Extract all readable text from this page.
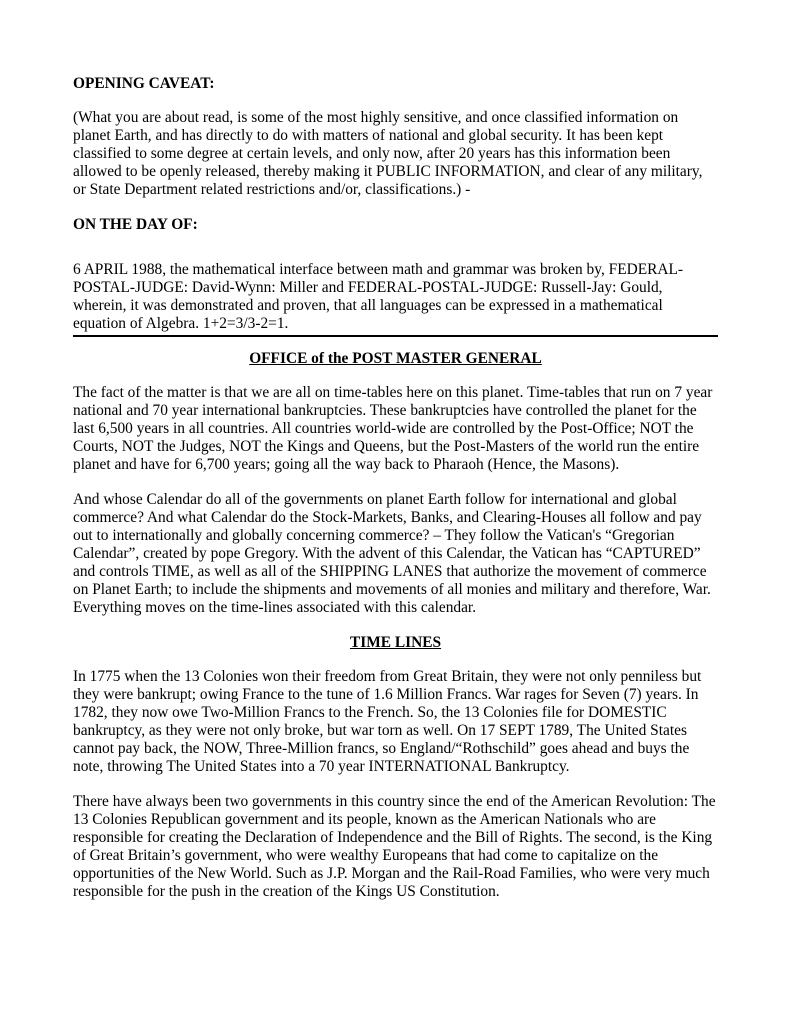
OPENING CAVEAT:

(What you are about read, is some of the most highly sensitive, and once classified information on planet Earth, and has directly to do with matters of national and global security. It has been kept classified to some degree at certain levels, and only now, after 20 years has this information been allowed to be openly released, thereby making it PUBLIC INFORMATION, and clear of any military, or State Department related restrictions and/or, classifications.) -

ON THE DAY OF:

6 APRIL 1988, the mathematical interface between math and grammar was broken by, FEDERAL-POSTAL-JUDGE: David-Wynn: Miller and FEDERAL-POSTAL-JUDGE: Russell-Jay: Gould, wherein, it was demonstrated and proven, that all languages can be expressed in a mathematical equation of Algebra. 1+2=3/3-2=1.

OFFICE of the POST MASTER GENERAL

The fact of the matter is that we are all on time-tables here on this planet. Time-tables that run on 7 year national and 70 year international bankruptcies. These bankruptcies have controlled the planet for the last 6,500 years in all countries. All countries world-wide are controlled by the Post-Office; NOT the Courts, NOT the Judges, NOT the Kings and Queens, but the Post-Masters of the world run the entire planet and have for 6,700 years; going all the way back to Pharaoh (Hence, the Masons).

And whose Calendar do all of the governments on planet Earth follow for international and global commerce? And what Calendar do the Stock-Markets, Banks, and Clearing-Houses all follow and pay out to internationally and globally concerning commerce? – They follow the Vatican's “Gregorian Calendar”, created by pope Gregory. With the advent of this Calendar, the Vatican has “CAPTURED” and controls TIME, as well as all of the SHIPPING LANES that authorize the movement of commerce on Planet Earth; to include the shipments and movements of all monies and military and therefore, War. Everything moves on the time-lines associated with this calendar.

TIME LINES

In 1775 when the 13 Colonies won their freedom from Great Britain, they were not only penniless but they were bankrupt; owing France to the tune of 1.6 Million Francs. War rages for Seven (7) years. In 1782, they now owe Two-Million Francs to the French. So, the 13 Colonies file for DOMESTIC bankruptcy, as they were not only broke, but war torn as well. On 17 SEPT 1789, The United States cannot pay back, the NOW, Three-Million francs, so England/“Rothschild” goes ahead and buys the note, throwing The United States into a 70 year INTERNATIONAL Bankruptcy.

There have always been two governments in this country since the end of the American Revolution: The 13 Colonies Republican government and its people, known as the American Nationals who are responsible for creating the Declaration of Independence and the Bill of Rights. The second, is the King of Great Britain’s government, who were wealthy Europeans that had come to capitalize on the opportunities of the New World. Such as J.P. Morgan and the Rail-Road Families, who were very much responsible for the push in the creation of the Kings US Constitution.
